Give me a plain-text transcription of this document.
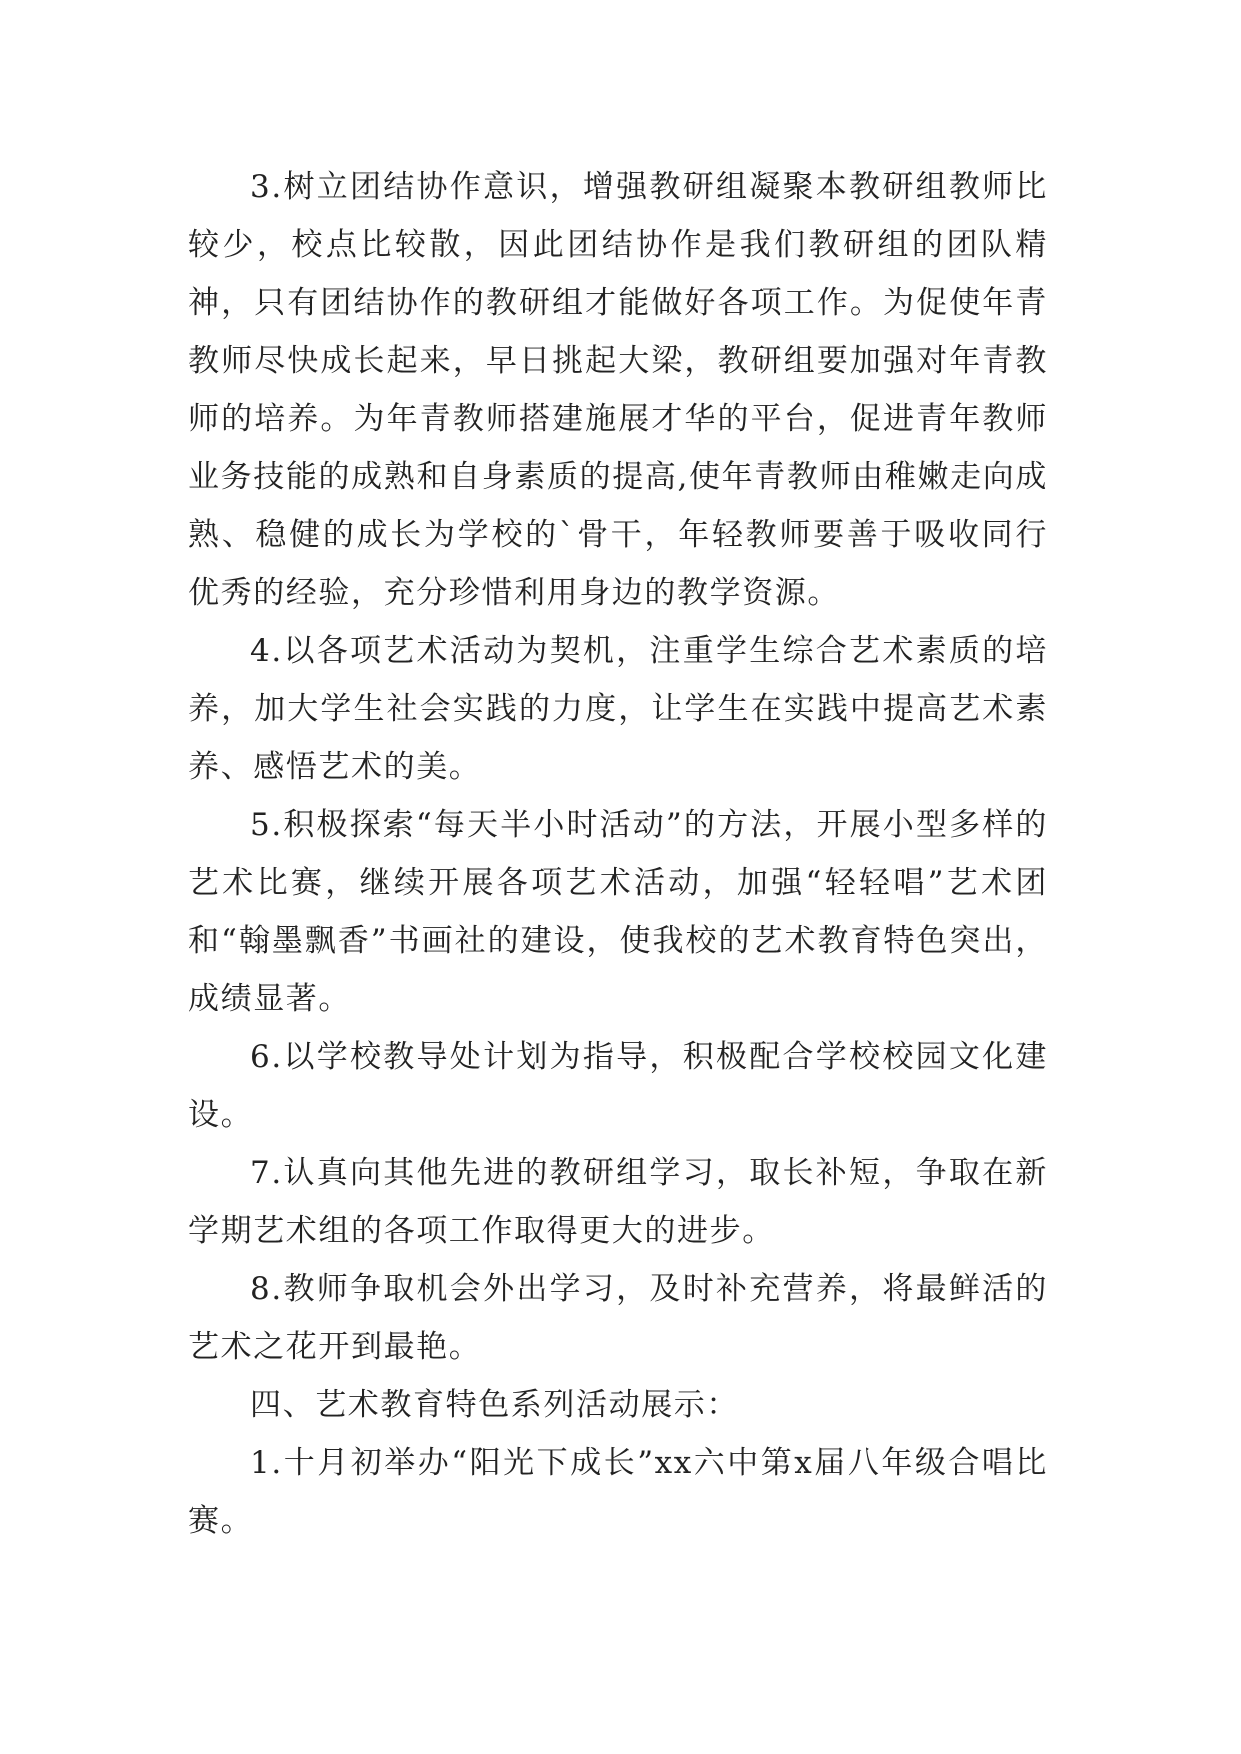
3.树立团结协作意识，增强教研组凝聚本教研组教师比较少，校点比较散，因此团结协作是我们教研组的团队精神，只有团结协作的教研组才能做好各项工作。为促使年青教师尽快成长起来，早日挑起大梁，教研组要加强对年青教师的培养。为年青教师搭建施展才华的平台，促进青年教师业务技能的成熟和自身素质的提高,使年青教师由稚嫩走向成熟、稳健的成长为学校的`骨干，年轻教师要善于吸收同行优秀的经验，充分珍惜利用身边的教学资源。

4.以各项艺术活动为契机，注重学生综合艺术素质的培养，加大学生社会实践的力度，让学生在实践中提高艺术素养、感悟艺术的美。

5.积极探索“每天半小时活动”的方法，开展小型多样的艺术比赛，继续开展各项艺术活动，加强“轻轻唱”艺术团和“翰墨飘香”书画社的建设，使我校的艺术教育特色突出，成绩显著。

6.以学校教导处计划为指导，积极配合学校校园文化建设。

7.认真向其他先进的教研组学习，取长补短，争取在新学期艺术组的各项工作取得更大的进步。

8.教师争取机会外出学习，及时补充营养，将最鲜活的艺术之花开到最艳。

四、艺术教育特色系列活动展示：

1.十月初举办“阳光下成长”xx六中第x届八年级合唱比赛。
